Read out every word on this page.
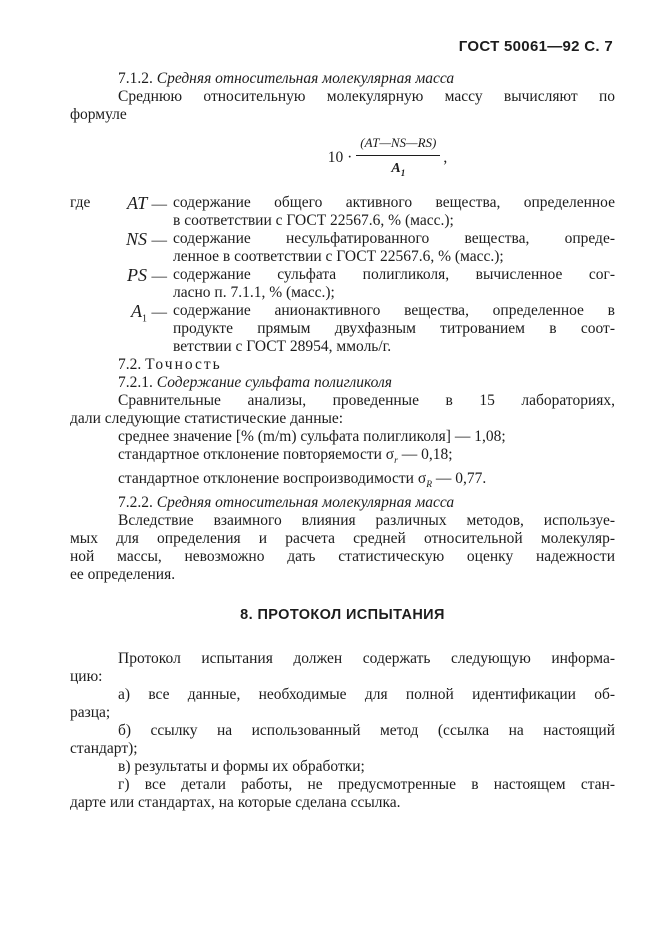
ГОСТ 50061—92 С. 7

7.1.2. Средняя относительная молекулярная масса

Среднюю относительную молекулярную массу вычисляют по

формуле

$10 \cdot \frac{(AT—NS—RS)}{A_1}$ ,
где	AT — содержание общего активного вещества, определенное

в соответствии с ГОСТ 22567.6, % (масс.);

NS — содержание несульфатированного вещества, опреде-

ленное в соответствии с ГОСТ 22567.6, % (масс.);

PS — содержание сульфата полигликоля, вычисленное сог-

ласно п. 7.1.1, % (масс.);

$A_1$ — содержание анионактивного вещества, определенное в

продукте прямым двухфазным титрованием в соот-

ветствии с ГОСТ 28954, ммоль/г.

7.2. Точность

7.2.1. Содержание сульфата полигликоля

Сравнительные анализы, проведенные в 15 лабораториях,

дали следующие статистические данные:

среднее значение [% (m/m) сульфата полигликоля] — 1,08;

стандартное отклонение повторяемости $\sigma_r$ — 0,18;

стандартное отклонение воспроизводимости $\sigma_R$ — 0,77.

7.2.2. Средняя относительная молекулярная масса

Вследствие взаимного влияния различных методов, используе-

мых для определения и расчета средней относительной молекуляр-

ной массы, невозможно дать статистическую оценку надежности

ее определения.

8. ПРОТОКОЛ ИСПЫТАНИЯ

Протокол испытания должен содержать следующую информа-

цию:

а) все данные, необходимые для полной идентификации об-

разца;

б) ссылку на использованный метод (ссылка на настоящий

стандарт);

в) результаты и формы их обработки;

г) все детали работы, не предусмотренные в настоящем стан-

дарте или стандартах, на которые сделана ссылка.
